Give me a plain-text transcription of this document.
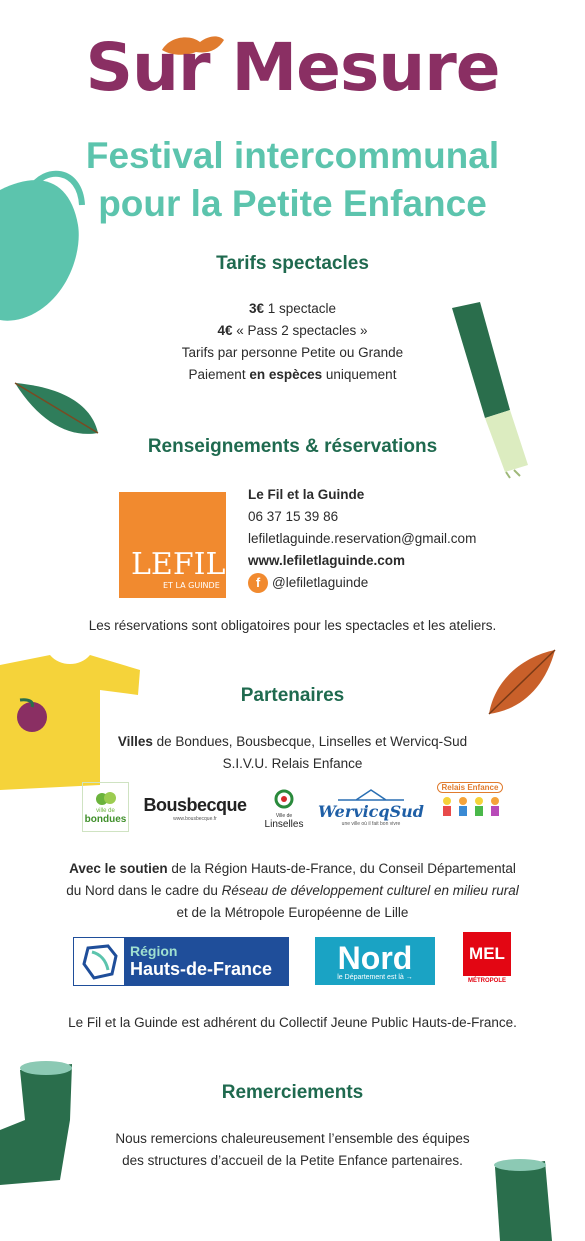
Sur Mesure
Festival intercommunal
pour la Petite Enfance
Tarifs spectacles
3€ 1 spectacle
4€ « Pass 2 spectacles »
Tarifs par personne Petite ou Grande
Paiement en espèces uniquement
Renseignements & réservations
LEFIL
ET LA GUINDE
Le Fil et la Guinde
06 37 15 39 86
lefiletlaguinde.reservation@gmail.com
www.lefiletlaguinde.com
f @lefiletlaguinde
Les réservations sont obligatoires pour les spectacles et les ateliers.
Partenaires
Villes de Bondues, Bousbecque, Linselles et Wervicq-Sud
S.I.V.U. Relais Enfance
ville de
bondues
Bousbecque
www.bousbecque.fr	Ville de
Linselles
WervicqSud
une ville où il fait bon vivre
Relais Enfance
Avec le soutien de la Région Hauts-de-France, du Conseil Départemental
du Nord dans le cadre du Réseau de développement culturel en milieu rural
et de la Métropole Européenne de Lille
Région
Hauts-de-France	Nord
le Département est là →
MEL
MÉTROPOLE
Le Fil et la Guinde est adhérent du Collectif Jeune Public Hauts-de-France.
Remerciements
Nous remercions chaleureusement l’ensemble des équipes
des structures d’accueil de la Petite Enfance partenaires.
